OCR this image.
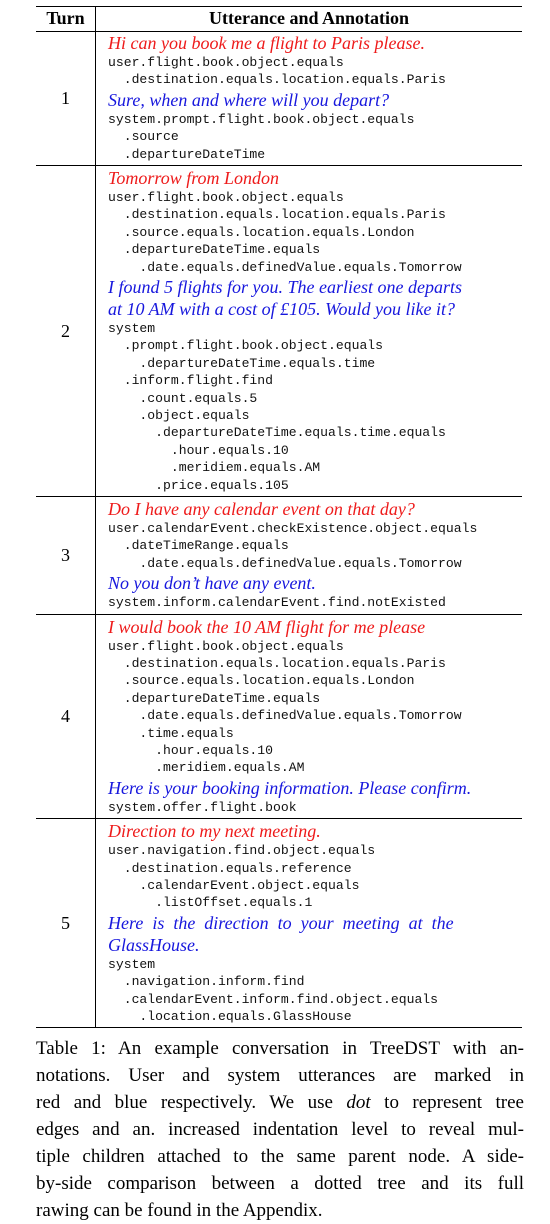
Turn	Utterance and Annotation
Hi can you book me a flight to Paris please.
user.flight.book.object.equals
.destination.equals.location.equals.Paris
Sure, when and where will you depart?
system.prompt.flight.book.object.equals
.source
.departureDateTime
1
Tomorrow from London
user.flight.book.object.equals
.destination.equals.location.equals.Paris
.source.equals.location.equals.London
.departureDateTime.equals
.date.equals.definedValue.equals.Tomorrow
I found 5 flights for you. The earliest one departs
at 10 AM with a cost of £105. Would you like it?
system
.prompt.flight.book.object.equals
.departureDateTime.equals.time
.inform.flight.find
.count.equals.5
.object.equals
.departureDateTime.equals.time.equals
.hour.equals.10
.meridiem.equals.AM
.price.equals.105
2
Do I have any calendar event on that day?
user.calendarEvent.checkExistence.object.equals
.dateTimeRange.equals
.date.equals.definedValue.equals.Tomorrow
No you don’t have any event.
system.inform.calendarEvent.find.notExisted
3
I would book the 10 AM flight for me please
user.flight.book.object.equals
.destination.equals.location.equals.Paris
.source.equals.location.equals.London
.departureDateTime.equals
.date.equals.definedValue.equals.Tomorrow
.time.equals
.hour.equals.10
.meridiem.equals.AM
Here is your booking information. Please confirm.
system.offer.flight.book
4
Direction to my next meeting.
user.navigation.find.object.equals
.destination.equals.reference
.calendarEvent.object.equals
.listOffset.equals.1
Here  is  the  direction  to  your  meeting  at  the
GlassHouse.
system
.navigation.inform.find
.calendarEvent.inform.find.object.equals
.location.equals.GlassHouse
5
Table 1: An example conversation in TreeDST with an-
notations. User and system utterances are marked in
red and blue respectively. We use dot to represent tree
edges and an. increased indentation level to reveal mul-
tiple children attached to the same parent node. A side-
by-side comparison between a dotted tree and its full
rawing can be found in the Appendix.
